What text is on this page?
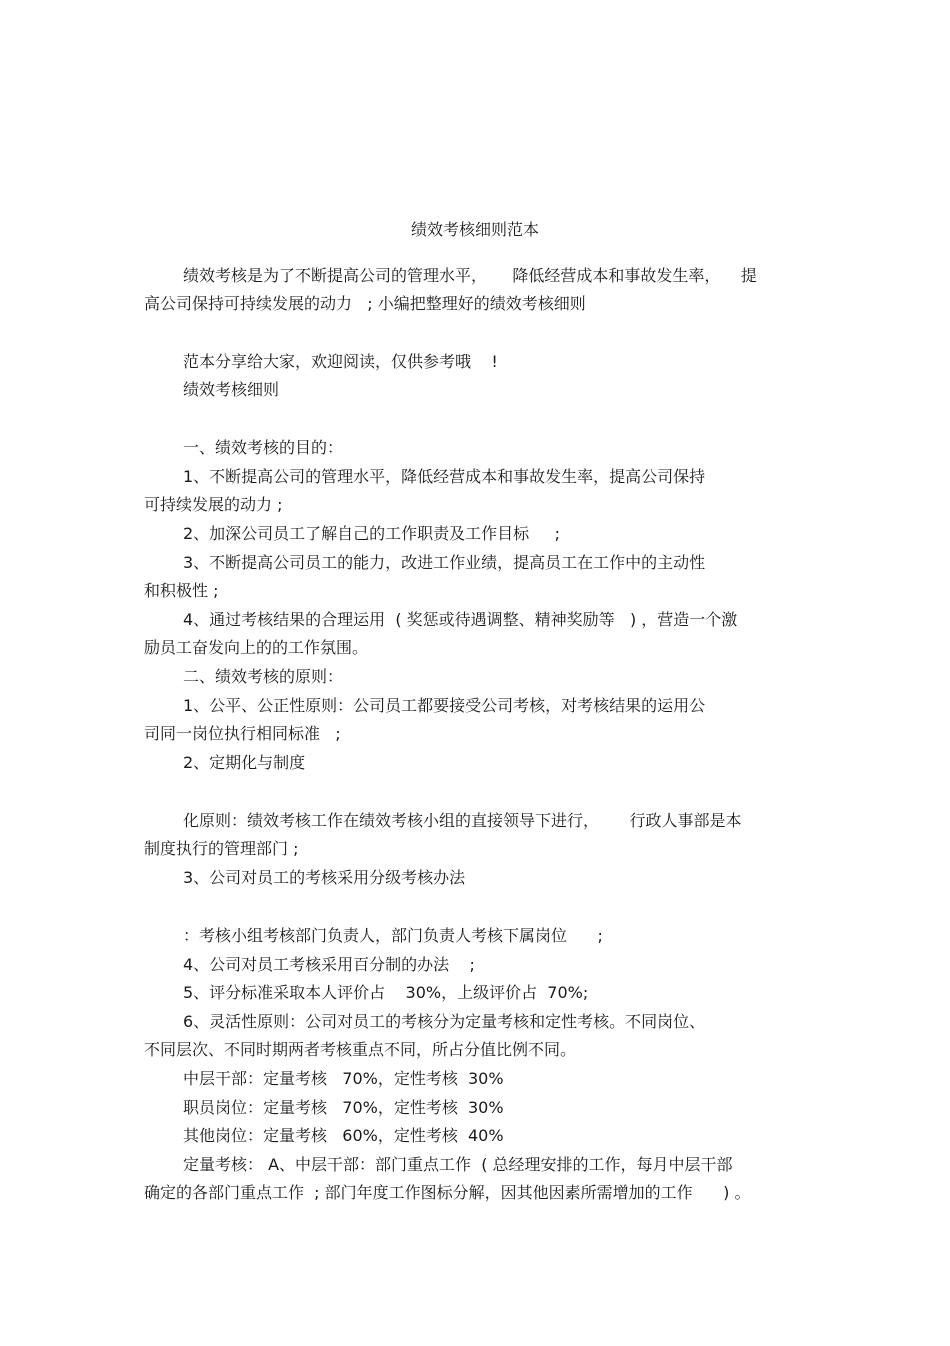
绩效考核细则范本
绩效考核是为了不断提高公司的管理水平，     降低经营成本和事故发生率，    提
高公司保持可持续发展的动力   ; 小编把整理好的绩效考核细则
范本分享给大家，欢迎阅读，仅供参考哦    !
绩效考核细则
一、绩效考核的目的：
1、不断提高公司的管理水平，降低经营成本和事故发生率，提高公司保持
可持续发展的动力 ;
2、加深公司员工了解自己的工作职责及工作目标     ;
3、不断提高公司员工的能力，改进工作业绩，提高员工在工作中的主动性
和积极性 ;
4、通过考核结果的合理运用  ( 奖惩或待遇调整、精神奖励等   ) ，营造一个激
励员工奋发向上的的工作氛围。
二、绩效考核的原则：
1、公平、公正性原则：公司员工都要接受公司考核，对考核结果的运用公
司同一岗位执行相同标准   ;
2、定期化与制度
化原则：绩效考核工作在绩效考核小组的直接领导下进行，      行政人事部是本
制度执行的管理部门 ;
3、公司对员工的考核采用分级考核办法
：考核小组考核部门负责人，部门负责人考核下属岗位      ;
4、公司对员工考核采用百分制的办法    ;
5、评分标准采取本人评价占    30%，上级评价占  70%;
6、灵活性原则：公司对员工的考核分为定量考核和定性考核。不同岗位、
不同层次、不同时期两者考核重点不同，所占分值比例不同。
中层干部：定量考核   70%，定性考核  30%
职员岗位：定量考核   70%，定性考核  30%
其他岗位：定量考核   60%，定性考核  40%
定量考核： A、中层干部：部门重点工作  ( 总经理安排的工作，每月中层干部
确定的各部门重点工作  ; 部门年度工作图标分解，因其他因素所需增加的工作      ) 。
